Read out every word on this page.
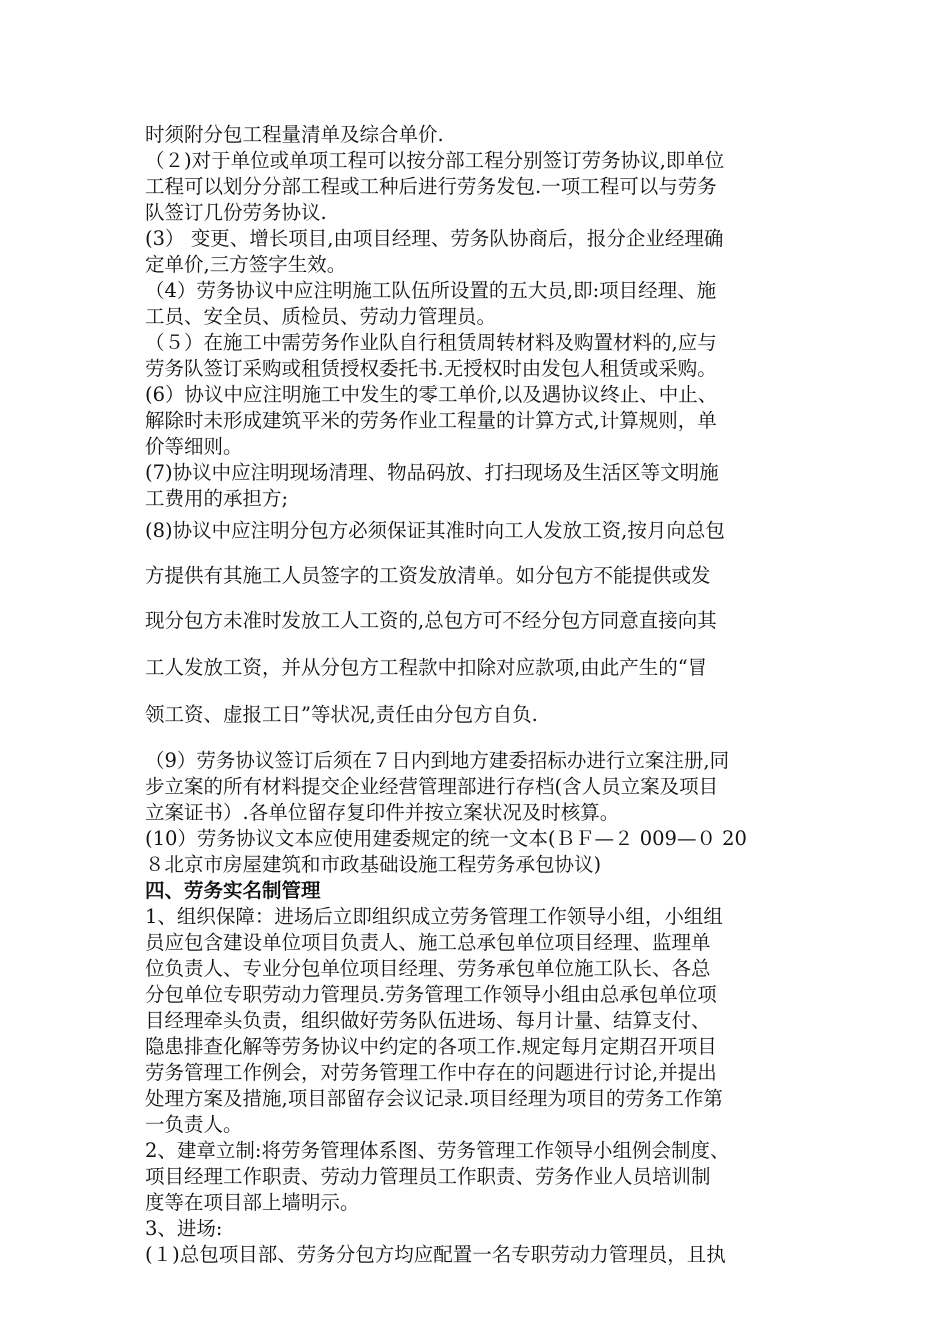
时须附分包工程量清单及综合单价.
（２)对于单位或单项工程可以按分部工程分别签订劳务协议,即单位
工程可以划分分部工程或工种后进行劳务发包.一项工程可以与劳务
队签订几份劳务协议.
(3） 变更、增长项目,由项目经理、劳务队协商后，报分企业经理确
定单价,三方签字生效。
（4）劳务协议中应注明施工队伍所设置的五大员,即:项目经理、施
工员、安全员、质检员、劳动力管理员。
（５）在施工中需劳务作业队自行租赁周转材料及购置材料的,应与
劳务队签订采购或租赁授权委托书.无授权时由发包人租赁或采购。
(6）协议中应注明施工中发生的零工单价,以及遇协议终止、中止、
解除时未形成建筑平米的劳务作业工程量的计算方式,计算规则，单
价等细则。
(7)协议中应注明现场清理、物品码放、打扫现场及生活区等文明施
工费用的承担方;
(8)协议中应注明分包方必须保证其准时向工人发放工资,按月向总包
方提供有其施工人员签字的工资发放清单。如分包方不能提供或发
现分包方未准时发放工人工资的,总包方可不经分包方同意直接向其
工人发放工资，并从分包方工程款中扣除对应款项,由此产生的“冒
领工资、虚报工日”等状况,责任由分包方自负.
（9）劳务协议签订后须在７日内到地方建委招标办进行立案注册,同
步立案的所有材料提交企业经营管理部进行存档(含人员立案及项目
立案证书）.各单位留存复印件并按立案状况及时核算。
(10）劳务协议文本应使用建委规定的统一文本(ＢＦ—２ 009—０ 20
８北京市房屋建筑和市政基础设施工程劳务承包协议)
四、劳务实名制管理
1、组织保障：进场后立即组织成立劳务管理工作领导小组，小组组
员应包含建设单位项目负责人、施工总承包单位项目经理、监理单
位负责人、专业分包单位项目经理、劳务承包单位施工队长、各总
分包单位专职劳动力管理员.劳务管理工作领导小组由总承包单位项
目经理牵头负责，组织做好劳务队伍进场、每月计量、结算支付、
隐患排查化解等劳务协议中约定的各项工作.规定每月定期召开项目
劳务管理工作例会，对劳务管理工作中存在的问题进行讨论,并提出
处理方案及措施,项目部留存会议记录.项目经理为项目的劳务工作第
一负责人。
2、建章立制:将劳务管理体系图、劳务管理工作领导小组例会制度、
项目经理工作职责、劳动力管理员工作职责、劳务作业人员培训制
度等在项目部上墙明示。
3、进场:
(１)总包项目部、劳务分包方均应配置一名专职劳动力管理员，且执
